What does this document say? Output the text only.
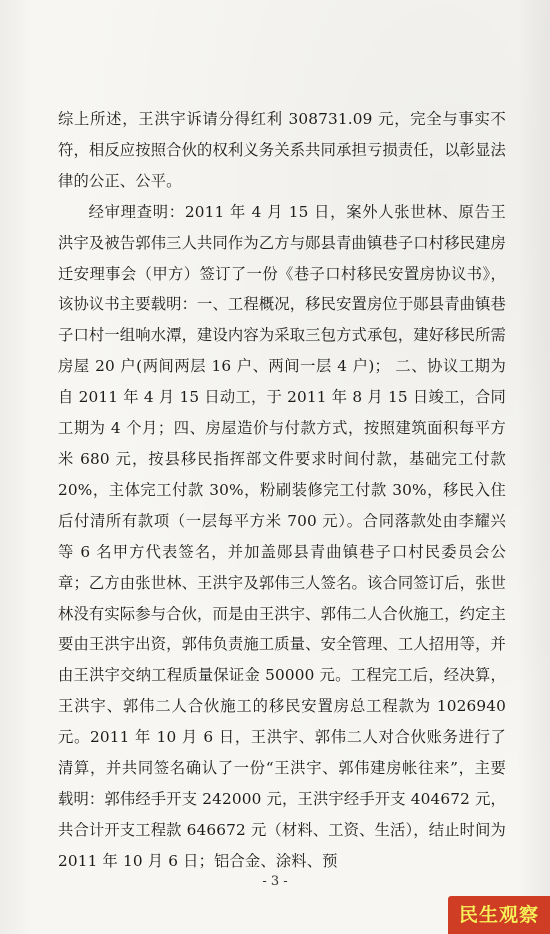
综上所述，王洪宇诉请分得红利 308731.09 元，完全与事实不符，相反应按照合伙的权利义务关系共同承担亏损责任，以彰显法律的公正、公平。

经审理查明：2011 年 4 月 15 日，案外人张世林、原告王洪宇及被告郭伟三人共同作为乙方与郧县青曲镇巷子口村移民建房迁安理事会（甲方）签订了一份《巷子口村移民安置房协议书》，该协议书主要载明：一、工程概况，移民安置房位于郧县青曲镇巷子口村一组响水潭，建设内容为采取三包方式承包，建好移民所需房屋 20 户(两间两层 16 户、两间一层 4 户)； 二、协议工期为自 2011 年 4 月 15 日动工，于 2011 年 8 月 15 日竣工，合同工期为 4 个月；四、房屋造价与付款方式，按照建筑面积每平方米 680 元，按县移民指挥部文件要求时间付款，基础完工付款 20%，主体完工付款 30%，粉刷装修完工付款 30%，移民入住后付清所有款项（一层每平方米 700 元）。合同落款处由李耀兴等 6 名甲方代表签名，并加盖郧县青曲镇巷子口村民委员会公章；乙方由张世林、王洪宇及郭伟三人签名。该合同签订后，张世林没有实际参与合伙，而是由王洪宇、郭伟二人合伙施工，约定主要由王洪宇出资，郭伟负责施工质量、安全管理、工人招用等，并由王洪宇交纳工程质量保证金 50000 元。工程完工后，经决算，王洪宇、郭伟二人合伙施工的移民安置房总工程款为 1026940 元。2011 年 10 月 6 日，王洪宇、郭伟二人对合伙账务进行了清算，并共同签名确认了一份“王洪宇、郭伟建房帐往来”，主要载明：郭伟经手开支 242000 元，王洪宇经手开支 404672 元，共合计开支工程款 646672 元（材料、工资、生活），结止时间为 2011 年 10 月 6 日；铝合金、涂料、预

- 3 -
民生观察
